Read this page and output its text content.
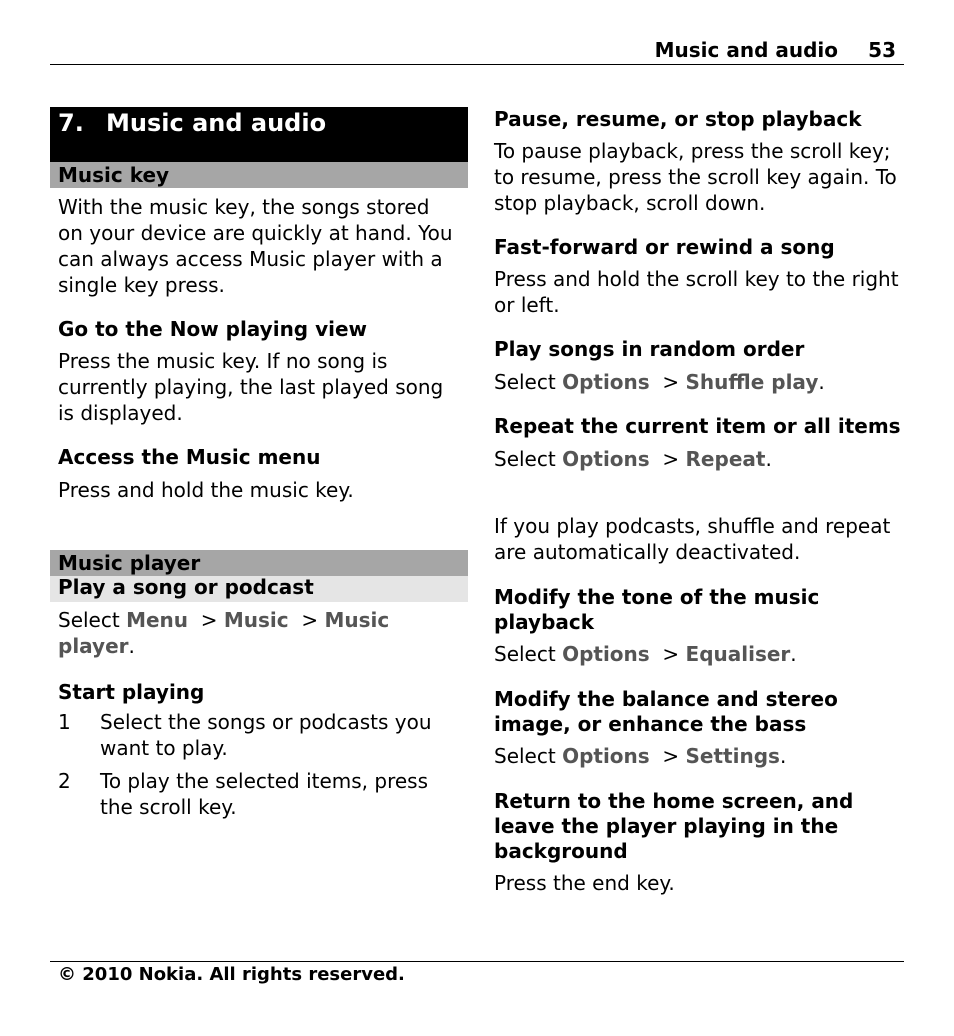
Music and audio 53
7. Music and audio
Music key

With the music key, the songs stored on your device are quickly at hand. You can always access Music player with a single key press.

Go to the Now playing view

Press the music key. If no song is currently playing, the last played song is displayed.

Access the Music menu

Press and hold the music key.

Music player
Play a song or podcast

Select Menu  > Music  > Music player.

Start playing
1	Select the songs or podcasts you want to play.
2	To play the selected items, press the scroll key.
Pause, resume, or stop playback

To pause playback, press the scroll key; to resume, press the scroll key again. To stop playback, scroll down.

Fast-forward or rewind a song

Press and hold the scroll key to the right or left.

Play songs in random order

Select Options  > Shuffle play.

Repeat the current item or all items

Select Options  > Repeat.

If you play podcasts, shuffle and repeat are automatically deactivated.

Modify the tone of the music playback

Select Options  > Equaliser.

Modify the balance and stereo image, or enhance the bass

Select Options  > Settings.

Return to the home screen, and leave the player playing in the background

Press the end key.

© 2010 Nokia. All rights reserved.
